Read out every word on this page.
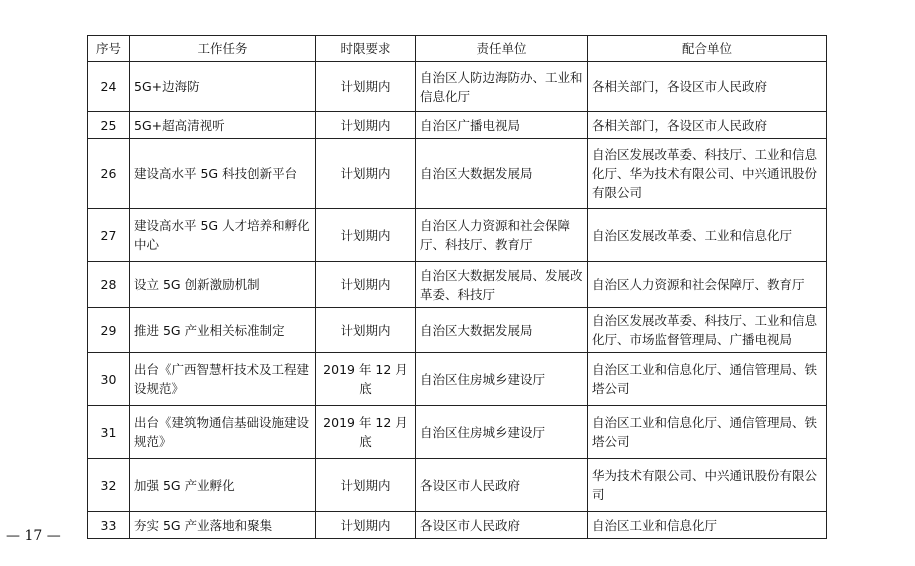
序号	工作任务	时限要求	责任单位	配合单位
24	5G+边海防	计划期内	自治区人防边海防办、工业和信息化厅	各相关部门，各设区市人民政府
25	5G+超高清视听	计划期内	自治区广播电视局	各相关部门，各设区市人民政府
26	建设高水平 5G 科技创新平台	计划期内	自治区大数据发展局	自治区发展改革委、科技厅、工业和信息化厅、华为技术有限公司、中兴通讯股份有限公司
27	建设高水平 5G 人才培养和孵化中心	计划期内	自治区人力资源和社会保障厅、科技厅、教育厅	自治区发展改革委、工业和信息化厅
28	设立 5G 创新激励机制	计划期内	自治区大数据发展局、发展改革委、科技厅	自治区人力资源和社会保障厅、教育厅
29	推进 5G 产业相关标准制定	计划期内	自治区大数据发展局	自治区发展改革委、科技厅、工业和信息化厅、市场监督管理局、广播电视局
30	出台《广西智慧杆技术及工程建设规范》	2019 年 12 月底	自治区住房城乡建设厅	自治区工业和信息化厅、通信管理局、铁塔公司
31	出台《建筑物通信基础设施建设规范》	2019 年 12 月底	自治区住房城乡建设厅	自治区工业和信息化厅、通信管理局、铁塔公司
32	加强 5G 产业孵化	计划期内	各设区市人民政府	华为技术有限公司、中兴通讯股份有限公司
33	夯实 5G 产业落地和聚集	计划期内	各设区市人民政府	自治区工业和信息化厅
— 17 —
